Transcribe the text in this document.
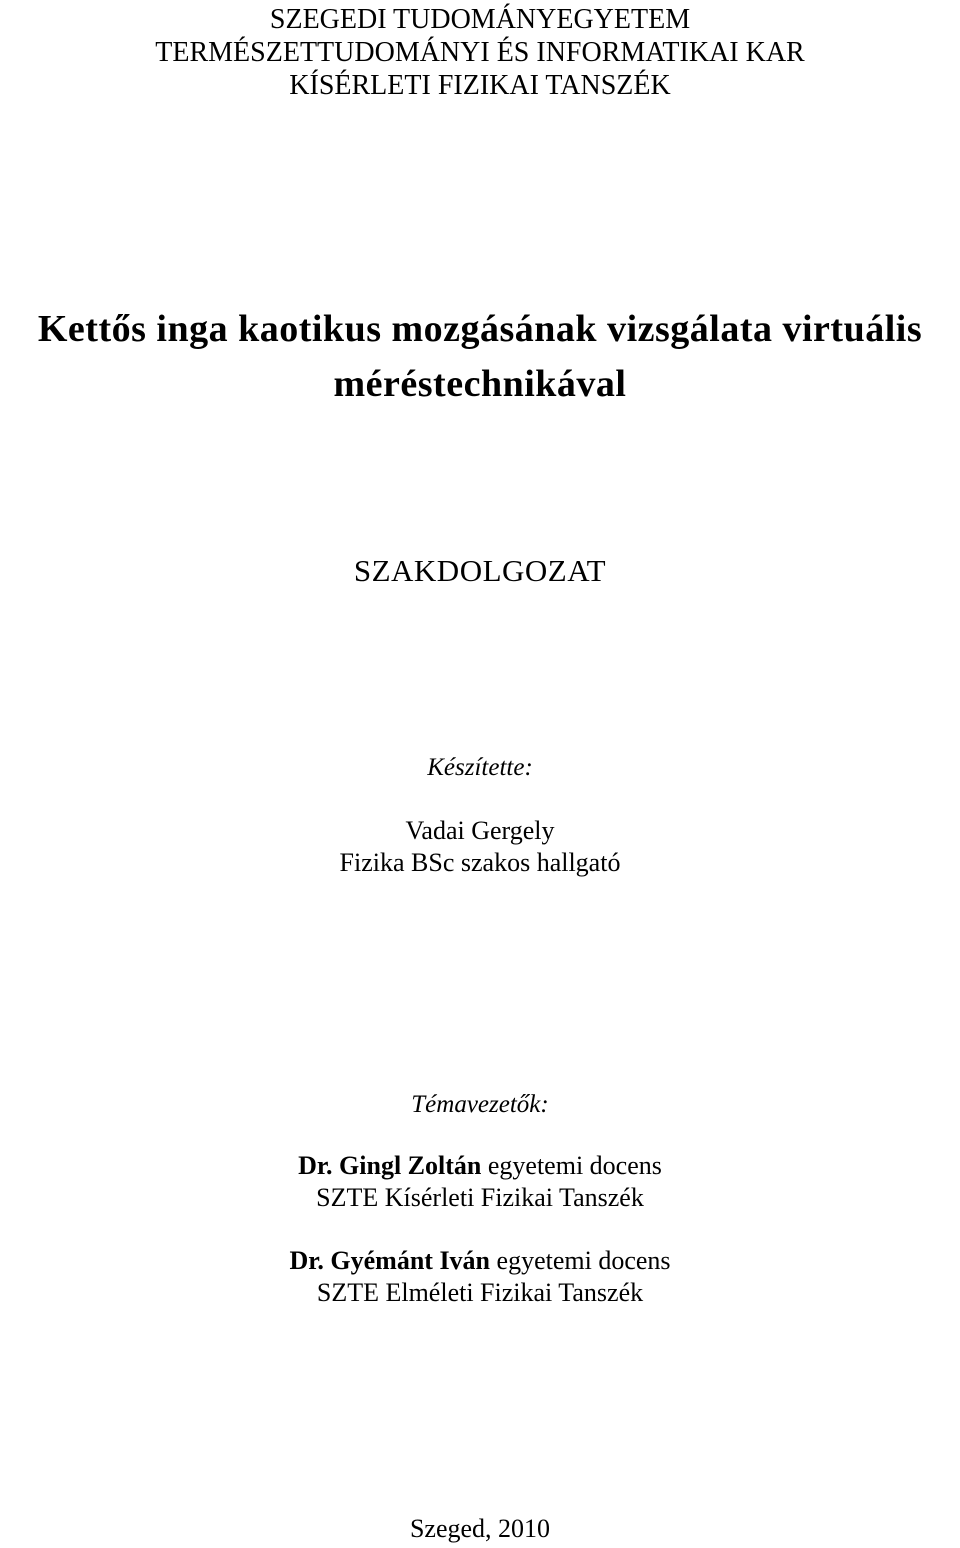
SZEGEDI TUDOMÁNYEGYETEM
TERMÉSZETTUDOMÁNYI ÉS INFORMATIKAI KAR
KÍSÉRLETI FIZIKAI TANSZÉK
Kettős inga kaotikus mozgásának vizsgálata virtuális
méréstechnikával
SZAKDOLGOZAT
Készítette:
Vadai Gergely
Fizika BSc szakos hallgató
Témavezetők:
Dr. Gingl Zoltán egyetemi docens
SZTE Kísérleti Fizikai Tanszék
Dr. Gyémánt Iván egyetemi docens
SZTE Elméleti Fizikai Tanszék
Szeged, 2010
